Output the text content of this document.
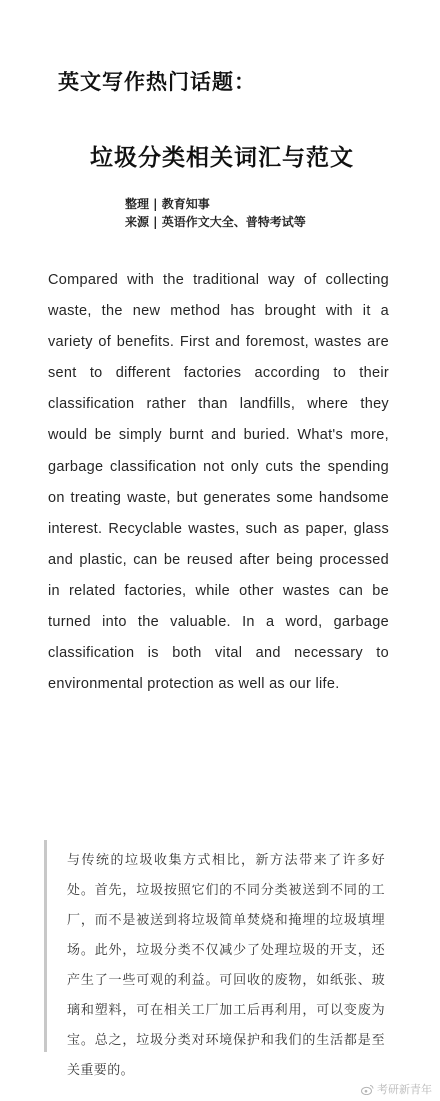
英文写作热门话题：
垃圾分类相关词汇与范文
整理 | 教育知事
来源 | 英语作文大全、普特考试等
Compared with the traditional way of collecting waste, the new method has brought with it a variety of benefits. First and foremost, wastes are sent to different factories according to their classification rather than landfills, where they would be simply burnt and buried. What's more, garbage classification not only cuts the spending on treating waste, but generates some handsome interest. Recyclable wastes, such as paper, glass and plastic, can be reused after being processed in related factories, while other wastes can be turned into the valuable. In a word, garbage classification is both vital and necessary to environmental protection as well as our life.
与传统的垃圾收集方式相比，新方法带来了许多好处。首先，垃圾按照它们的不同分类被送到不同的工厂，而不是被送到将垃圾简单焚烧和掩埋的垃圾填埋场。此外，垃圾分类不仅减少了处理垃圾的开支，还产生了一些可观的利益。可回收的废物，如纸张、玻璃和塑料，可在相关工厂加工后再利用，可以变废为宝。总之，垃圾分类对环境保护和我们的生活都是至关重要的。
考研新青年
